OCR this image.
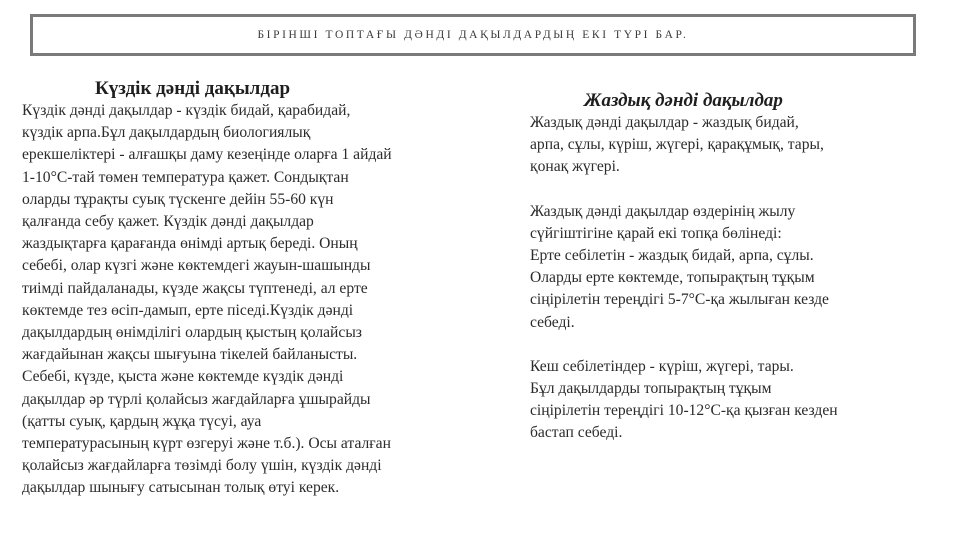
БІРІНШІ ТОПТАҒЫ ДӘНДІ ДАҚЫЛДАРДЫҢ ЕКІ ТҮРІ БАР.
Күздік дәнді дақылдар

Күздік дәнді дақылдар - күздік бидай, қарабидай,
күздік арпа.Бұл дақылдардың биологиялық
ерекшеліктері - алғашқы даму кезеңінде оларға 1 айдай
1-10°С-тай төмен температура қажет. Сондықтан
оларды тұрақты суық түскенге дейін 55-60 күн
қалғанда себу қажет. Күздік дәнді дақылдар
жаздықтарға қарағанда өнімді артық береді. Оның
себебі, олар күзгі және көктемдегі жауын-шашынды
тиімді пайдаланады, күзде жақсы түптенеді, ал ерте
көктемде тез өсіп-дамып, ерте піседі.Күздік дәнді
дақылдардың өнімділігі олардың қыстың қолайсыз
жағдайынан жақсы шығуына тікелей байланысты.
Себебі, күзде, қыста және көктемде күздік дәнді
дақылдар әр түрлі қолайсыз жағдайларға ұшырайды
(қатты суық, қардың жұқа түсуі, ауа
температурасының күрт өзгеруі және т.б.). Осы аталған
қолайсыз жағдайларға төзімді болу үшін, күздік дәнді
дақылдар шынығу сатысынан толық өтуі керек.

Жаздық дәнді дақылдар

Жаздық дәнді дақылдар - жаздық бидай,
арпа, сұлы, күріш, жүгері, қарақұмық, тары,
қонақ жүгері.

Жаздық дәнді дақылдар өздерінің жылу
сүйгіштігіне қарай екі топқа бөлінеді:
Ерте себілетін - жаздық бидай, арпа, сұлы.
Оларды ерте көктемде, топырақтың тұқым
сіңірілетін тереңдігі 5-7°С-қа жылыған кезде
себеді.

Кеш себілетіндер - күріш, жүгері, тары.
Бұл дақылдарды топырақтың тұқым
сіңірілетін тереңдігі 10-12°С-қа қызған кезден
бастап себеді.
